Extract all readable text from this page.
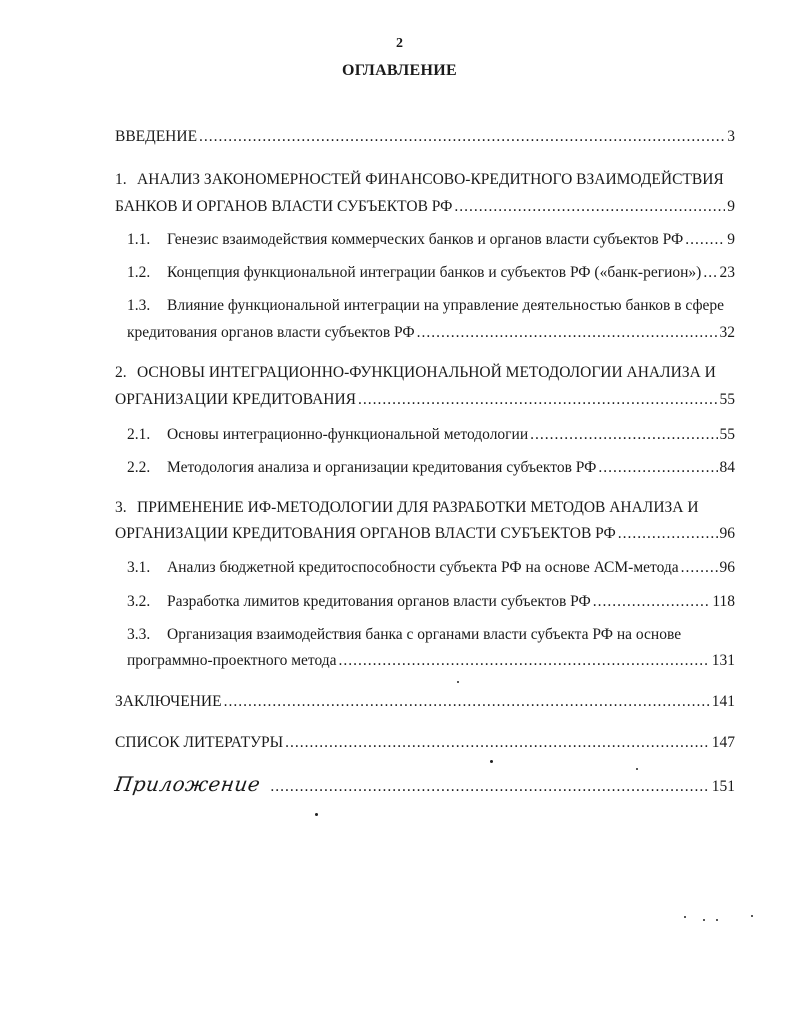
2
ОГЛАВЛЕНИЕ
ВВЕДЕНИЕ .....	3
1. АНАЛИЗ ЗАКОНОМЕРНОСТЕЙ ФИНАНСОВО-КРЕДИТНОГО ВЗАИМОДЕЙСТВИЯ
БАНКОВ И ОРГАНОВ ВЛАСТИ СУБЪЕКТОВ РФ .....	9
1.1. Генезис взаимодействия коммерческих банков и органов власти субъектов РФ .....	9
1.2. Концепция функциональной интеграции банков и субъектов РФ («банк-регион») ..... 23
1.3. Влияние функциональной интеграции на управление деятельностью банков в сфере
кредитования органов власти субъектов РФ .....	32
2. ОСНОВЫ ИНТЕГРАЦИОННО-ФУНКЦИОНАЛЬНОЙ МЕТОДОЛОГИИ АНАЛИЗА И
ОРГАНИЗАЦИИ КРЕДИТОВАНИЯ .....	55
2.1. Основы интеграционно-функциональной методологии .....	55
2.2. Методология анализа и организации кредитования субъектов РФ .....	84
3. ПРИМЕНЕНИЕ ИФ-МЕТОДОЛОГИИ ДЛЯ РАЗРАБОТКИ МЕТОДОВ АНАЛИЗА И
ОРГАНИЗАЦИИ КРЕДИТОВАНИЯ ОРГАНОВ ВЛАСТИ СУБЪЕКТОВ РФ .....	96
3.1. Анализ бюджетной кредитоспособности субъекта РФ на основе АСМ-метода .....	96
3.2. Разработка лимитов кредитования органов власти субъектов РФ .....	118
3.3. Организация взаимодействия банка с органами власти субъекта РФ на основе
программно-проектного метода .....	131
ЗАКЛЮЧЕНИЕ .....	141
СПИСОК ЛИТЕРАТУРЫ .....	147
Приложение .....	151
